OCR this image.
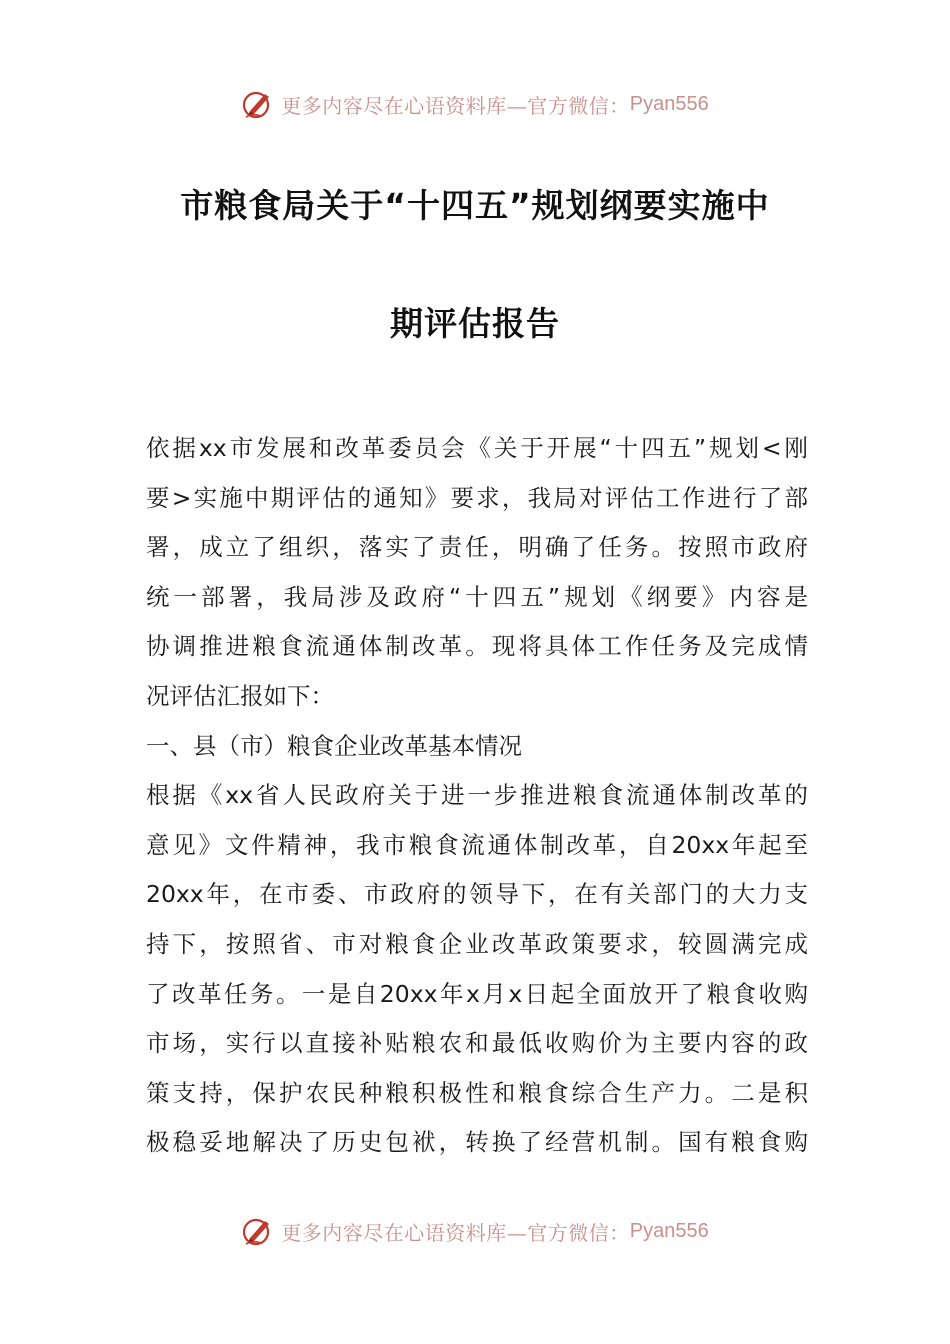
更多内容尽在心语资料库—官方微信： Pyan556
市粮食局关于“十四五”规划纲要实施中
期评估报告
依据xx市发展和改革委员会《关于开展“十四五”规划<刚
要>实施中期评估的通知》要求，我局对评估工作进行了部
署，成立了组织，落实了责任，明确了任务。按照市政府
统一部署，我局涉及政府“十四五”规划《纲要》内容是
协调推进粮食流通体制改革。现将具体工作任务及完成情
况评估汇报如下：
一、县（市）粮食企业改革基本情况
根据《xx省人民政府关于进一步推进粮食流通体制改革的
意见》文件精神，我市粮食流通体制改革，自20xx年起至
20xx年，在市委、市政府的领导下，在有关部门的大力支
持下，按照省、市对粮食企业改革政策要求，较圆满完成
了改革任务。一是自20xx年x月x日起全面放开了粮食收购
市场，实行以直接补贴粮农和最低收购价为主要内容的政
策支持，保护农民种粮积极性和粮食综合生产力。二是积
极稳妥地解决了历史包袱，转换了经营机制。国有粮食购
更多内容尽在心语资料库—官方微信： Pyan556
